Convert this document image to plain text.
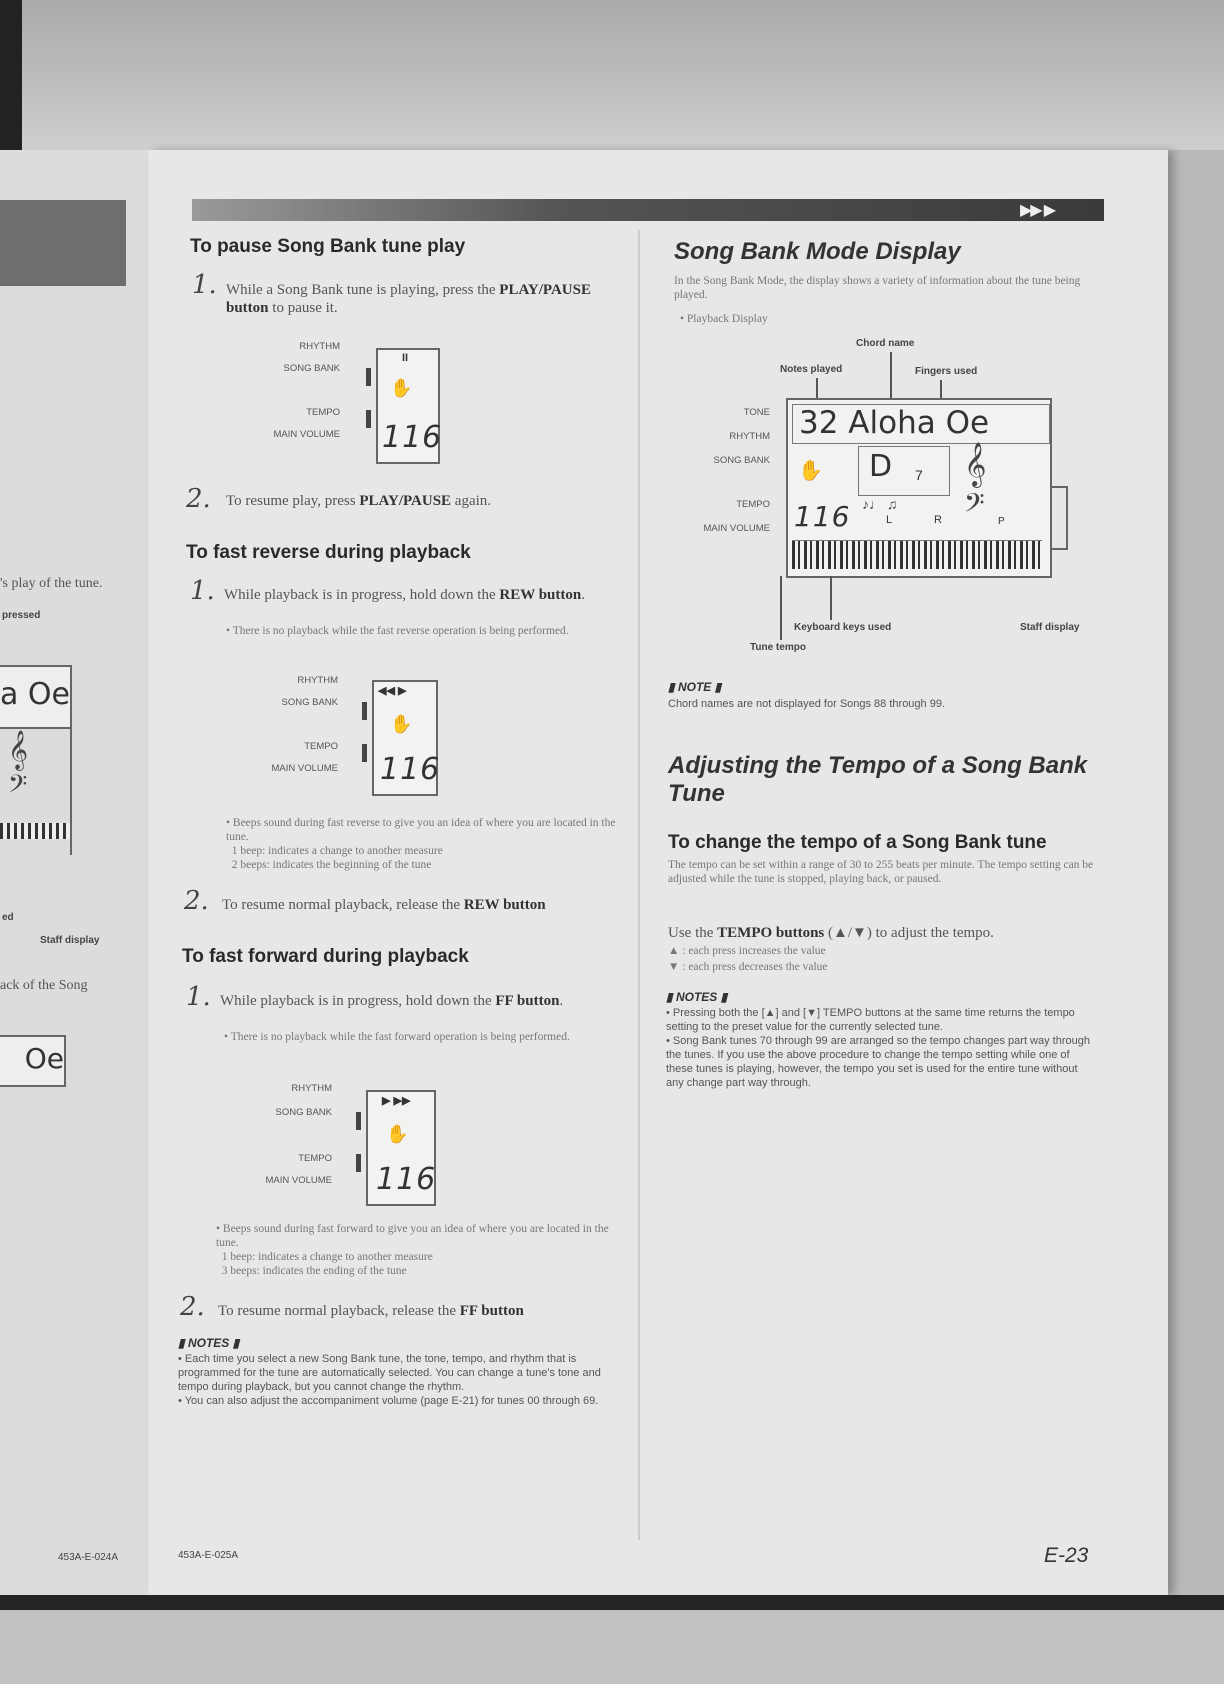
's play of the tune.
pressed
a Oe
𝄞
𝄢
ed
Staff display
ack of the Song
Oe
453A-E-024A
▶▶ ▶
To pause Song Bank tune play
1. While a Song Bank tune is playing, press the PLAY/PAUSE button to pause it.
RHYTHM
SONG BANK
TEMPO
MAIN VOLUME
II
✋
116
2. To resume play, press PLAY/PAUSE again.
To fast reverse during playback
1. While playback is in progress, hold down the REW button.
• There is no playback while the fast reverse operation is being performed.
RHYTHM
SONG BANK
TEMPO
MAIN VOLUME
◀◀ ▶
✋
116
• Beeps sound during fast reverse to give you an idea of where you are located in the tune.
1 beep: indicates a change to another measure
2 beeps: indicates the beginning of the tune
2. To resume normal playback, release the REW button
To fast forward during playback
1. While playback is in progress, hold down the FF button.
• There is no playback while the fast forward operation is being performed.
RHYTHM
SONG BANK
TEMPO
MAIN VOLUME
▶ ▶▶
✋
116
• Beeps sound during fast forward to give you an idea of where you are located in the tune.
1 beep: indicates a change to another measure
3 beeps: indicates the ending of the tune
2. To resume normal playback, release the FF button
▮ NOTES ▮
• Each time you select a new Song Bank tune, the tone, tempo, and rhythm that is programmed for the tune are automatically selected. You can change a tune's tone and tempo during playback, but you cannot change the rhythm.
• You can also adjust the accompaniment volume (page E-21) for tunes 00 through 69.
453A-E-025A
Song Bank Mode Display
In the Song Bank Mode, the display shows a variety of information about the tune being played.
• Playback Display
Chord name
Notes played	Fingers used
TONE
RHYTHM
SONG BANK
TEMPO
MAIN VOLUME
32 Aloha Oe
✋ D 7 𝄞
𝄢
♪♩ ♫
L	R	P
116
Keyboard keys used	Staff display
Tune tempo
▮ NOTE ▮
Chord names are not displayed for Songs 88 through 99.
Adjusting the Tempo of a Song Bank Tune
To change the tempo of a Song Bank tune
The tempo can be set within a range of 30 to 255 beats per minute. The tempo setting can be adjusted while the tune is stopped, playing back, or paused.
Use the TEMPO buttons (▲/▼) to adjust the tempo.
▲ : each press increases the value
▼ : each press decreases the value
▮ NOTES ▮
• Pressing both the [▲] and [▼] TEMPO buttons at the same time returns the tempo setting to the preset value for the currently selected tune.
• Song Bank tunes 70 through 99 are arranged so the tempo changes part way through the tunes. If you use the above procedure to change the tempo setting while one of these tunes is playing, however, the tempo you set is used for the entire tune without any change part way through.
E-23
